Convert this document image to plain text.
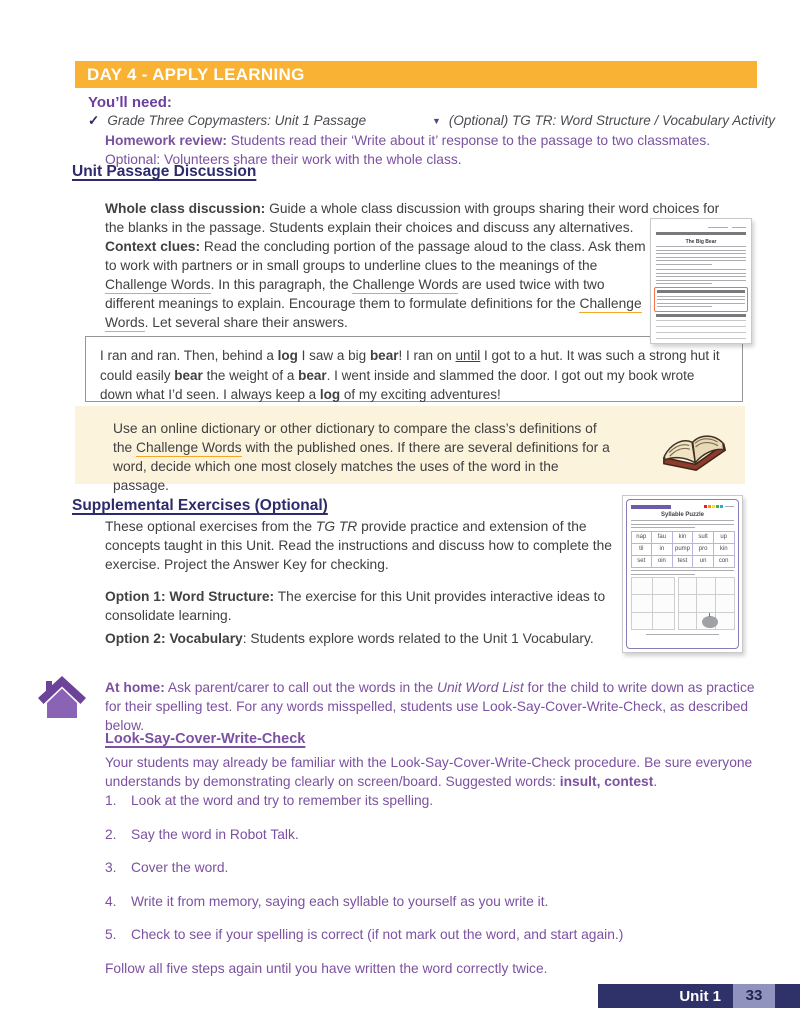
DAY 4 - APPLY LEARNING
You’ll need:
✓ Grade Three Copymasters: Unit 1 Passage	▼ (Optional) TG TR: Word Structure / Vocabulary Activity
Homework review: Students read their ‘Write about it’ response to the passage to two classmates.
Optional: Volunteers share their work with the whole class.
Unit Passage Discussion
Whole class discussion: Guide a whole class discussion with groups sharing their word choices for the blanks in the passage. Students explain their choices and discuss any alternatives.
Context clues: Read the concluding portion of the passage aloud to the class. Ask them to work with partners or in small groups to underline clues to the meanings of the Challenge Words. In this paragraph, the Challenge Words are used twice with two different meanings to explain. Encourage them to formulate definitions for the Challenge Words. Let several share their answers.
The Big Bear
I ran and ran. Then, behind a log I saw a big bear! I ran on until I got to a hut. It was such a strong hut it could easily bear the weight of a bear. I went inside and slammed the door. I got out my book wrote down what I’d seen. I always keep a log of my exciting adventures!
Use an online dictionary or other dictionary to compare the class’s definitions of the Challenge Words with the published ones. If there are several definitions for a word, decide which one most closely matches the uses of the word in the passage.
Supplemental Exercises (Optional)
These optional exercises from the TG TR provide practice and extension of the concepts taught in this Unit. Read the instructions and discuss how to complete the exercise. Project the Answer Key for checking.
Option 1: Word Structure: The exercise for this Unit provides interactive ideas to consolidate learning.
Option 2: Vocabulary: Students explore words related to the Unit 1 Vocabulary.
Syllable Puzzle
nap	fau	kin	sult	up
til	in	pump	pro	kin
set	oin	test	un	con
At home: Ask parent/carer to call out the words in the Unit Word List for the child to write down as practice for their spelling test. For any words misspelled, students use Look-Say-Cover-Write-Check, as described below.
Look-Say-Cover-Write-Check
Your students may already be familiar with the Look-Say-Cover-Write-Check procedure. Be sure everyone understands by demonstrating clearly on screen/board. Suggested words: insult, contest.
1.	Look at the word and try to remember its spelling.
2.	Say the word in Robot Talk.
3.	Cover the word.
4.	Write it from memory, saying each syllable to yourself as you write it.
5.	Check to see if your spelling is correct (if not mark out the word, and start again.)
Follow all five steps again until you have written the word correctly twice.
Unit 1	33
